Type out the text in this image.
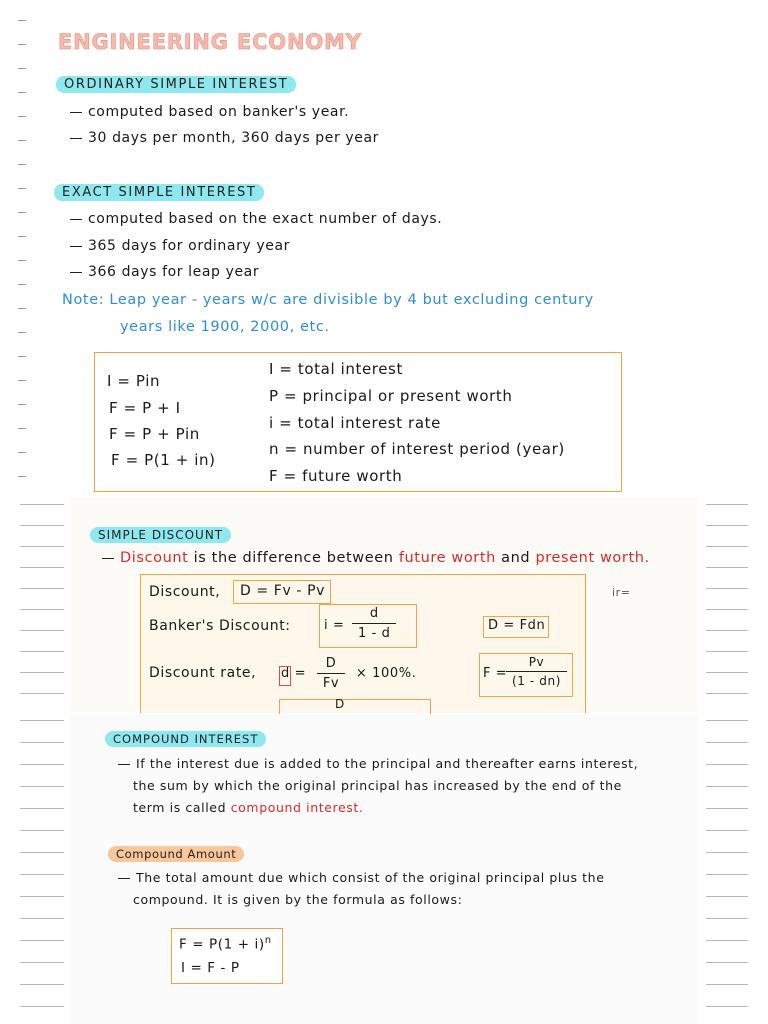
ENGINEERING ECONOMY
ORDINARY SIMPLE INTEREST
computed based on banker's year.
30 days per month, 360 days per year
EXACT SIMPLE INTEREST
computed based on the exact number of days.
365 days for ordinary year
366 days for leap year
Note: Leap year - years w/c are divisible by 4 but excluding century
years like 1900, 2000, etc.
I = Pin
F = P + I
F = P + Pin
F = P(1 + in)
I = total interest
P = principal or present worth
i = total interest rate
n = number of interest period (year)
F = future worth
SIMPLE DISCOUNT
Discount is the difference between future worth and present worth.
ir=
Discount, D = Fv - Pv
Banker's Discount:	$i = \frac{d}{1 - d}$	D = Fdn
Discount rate, $d = \frac{D}{Fv} \times 100\%$.	F =
$\frac{Pv}{(1 - dn)}$
D
COMPOUND INTEREST
If the interest due is added to the principal and thereafter earns interest,
the sum by which the original principal has increased by the end of the
term is called compound interest.
Compound Amount
The total amount due which consist of the original principal plus the
compound. It is given by the formula as follows:
$F = P(1 + i)^n$
I = F - P
